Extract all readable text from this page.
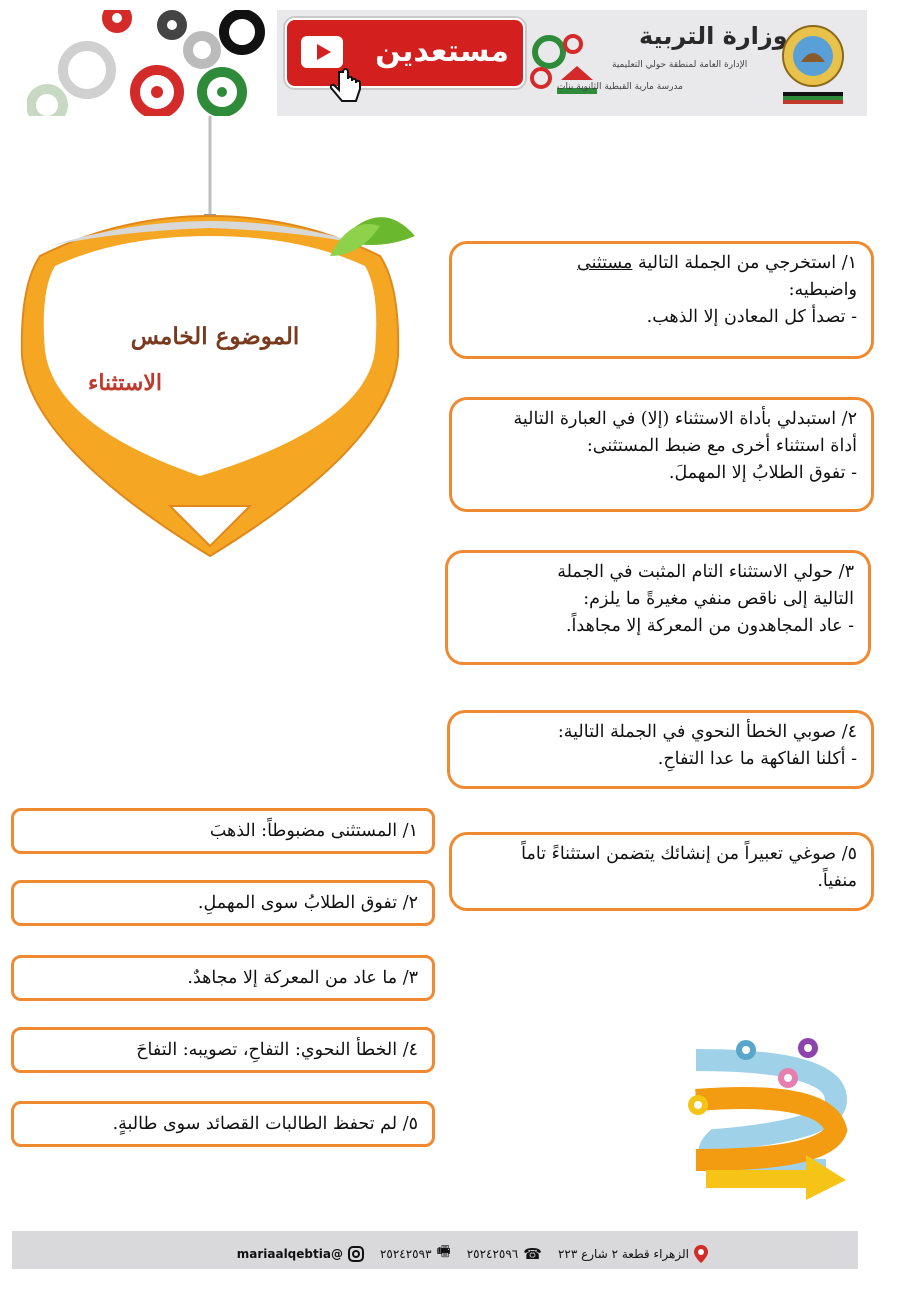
مستعدين	وزارة التربية
الإدارة العامة لمنطقة حولي التعليمية
مدرسة مارية القبطية الثانوية بنات
الموضوع الخامس
الاستثناء

١/ استخرجي من الجملة التالية مستثنى

واضبطيه:

- تصدأ كل المعادن إلا الذهب.

٢/ استبدلي بأداة الاستثناء (إلا) في العبارة التالية

أداة استثناء أخرى مع ضبط المستثنى:

- تفوق الطلابُ إلا المهملَ.

٣/ حولي الاستثناء التام المثبت في الجملة

التالية إلى ناقص منفي مغيرةً ما يلزم:

- عاد المجاهدون من المعركة إلا مجاهداً.

٤/ صوبي الخطأ النحوي في الجملة التالية:

- أكلنا الفاكهة ما عدا التفاحِ.

٥/ صوغي تعبيراً من إنشائك يتضمن استثناءً تاماً

منفياً.

١/ المستثنى مضبوطاً: الذهبَ
٢/ تفوق الطلابُ سوى المهملِ.
٣/ ما عاد من المعركة إلا مجاهدٌ.
٤/ الخطأ النحوي: التفاحِ، تصويبه: التفاحَ
٥/ لم تحفظ الطالبات القصائد سوى طالبةٍ.
الزهراء قطعة ٢ شارع ٢٢٣
☎
٢٥٢٤٢٥٩٦
🖷
٢٥٢٤٢٥٩٣
@mariaalqebtia
